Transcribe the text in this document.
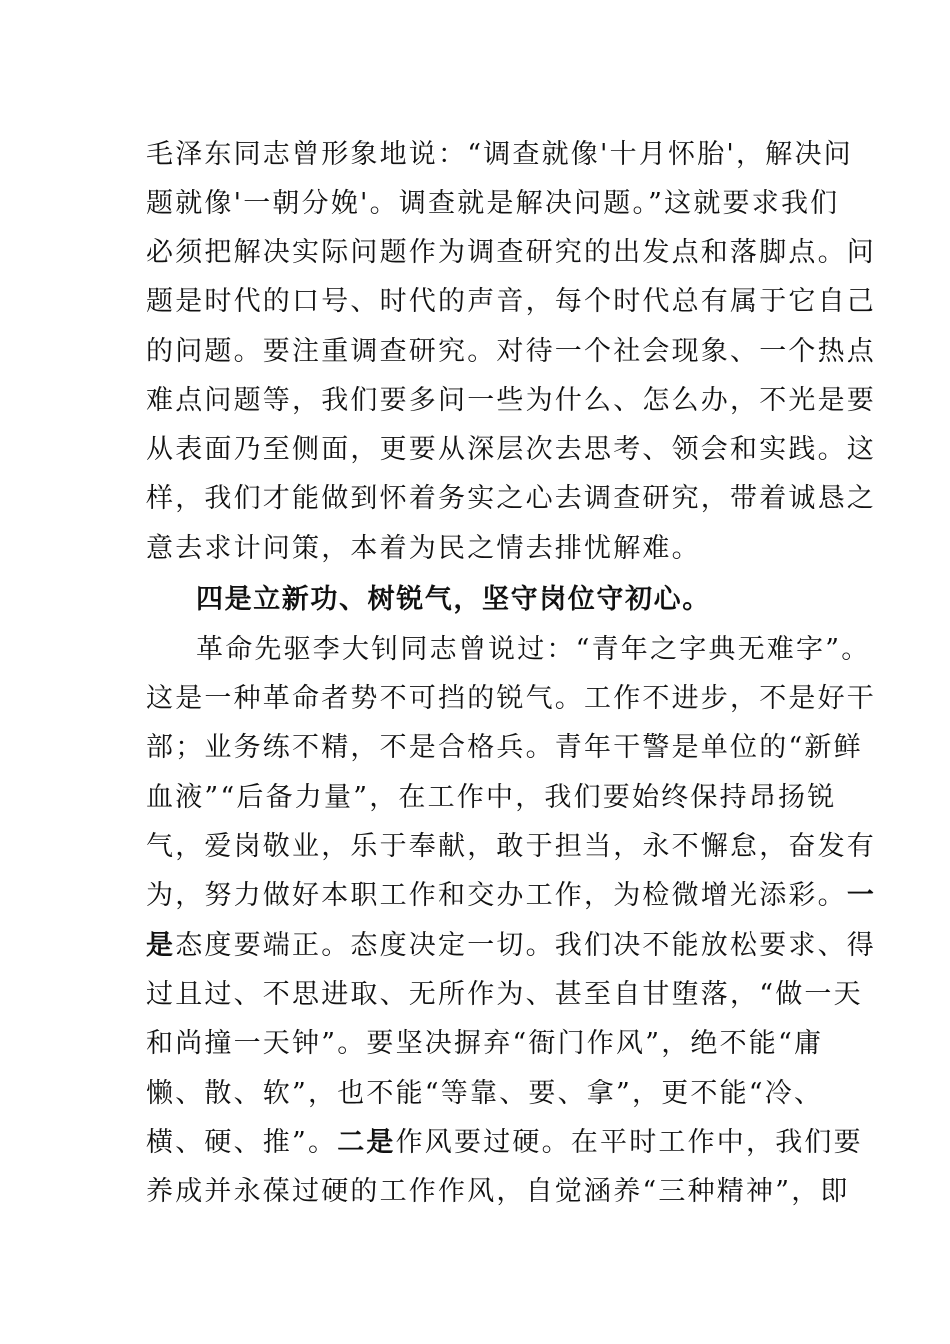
毛泽东同志曾形象地说：“调查就像'十月怀胎'，解决问
题就像'一朝分娩'。调查就是解决问题。”这就要求我们
必须把解决实际问题作为调查研究的出发点和落脚点。问
题是时代的口号、时代的声音，每个时代总有属于它自己
的问题。要注重调查研究。对待一个社会现象、一个热点
难点问题等，我们要多问一些为什么、怎么办，不光是要
从表面乃至侧面，更要从深层次去思考、领会和实践。这
样，我们才能做到怀着务实之心去调查研究，带着诚恳之
意去求计问策，本着为民之情去排忧解难。
四是立新功、树锐气，坚守岗位守初心。
革命先驱李大钊同志曾说过：“青年之字典无难字”。
这是一种革命者势不可挡的锐气。工作不进步，不是好干
部；业务练不精，不是合格兵。青年干警是单位的“新鲜
血液”“后备力量”，在工作中，我们要始终保持昂扬锐
气，爱岗敬业，乐于奉献，敢于担当，永不懈怠，奋发有
为，努力做好本职工作和交办工作，为检微增光添彩。一
是态度要端正。态度决定一切。我们决不能放松要求、得
过且过、不思进取、无所作为、甚至自甘堕落，“做一天
和尚撞一天钟”。要坚决摒弃“衙门作风”，绝不能“庸
懒、散、软”，也不能“等靠、要、拿”，更不能“冷、
横、硬、推”。二是作风要过硬。在平时工作中，我们要
养成并永葆过硬的工作作风，自觉涵养“三种精神”，即
